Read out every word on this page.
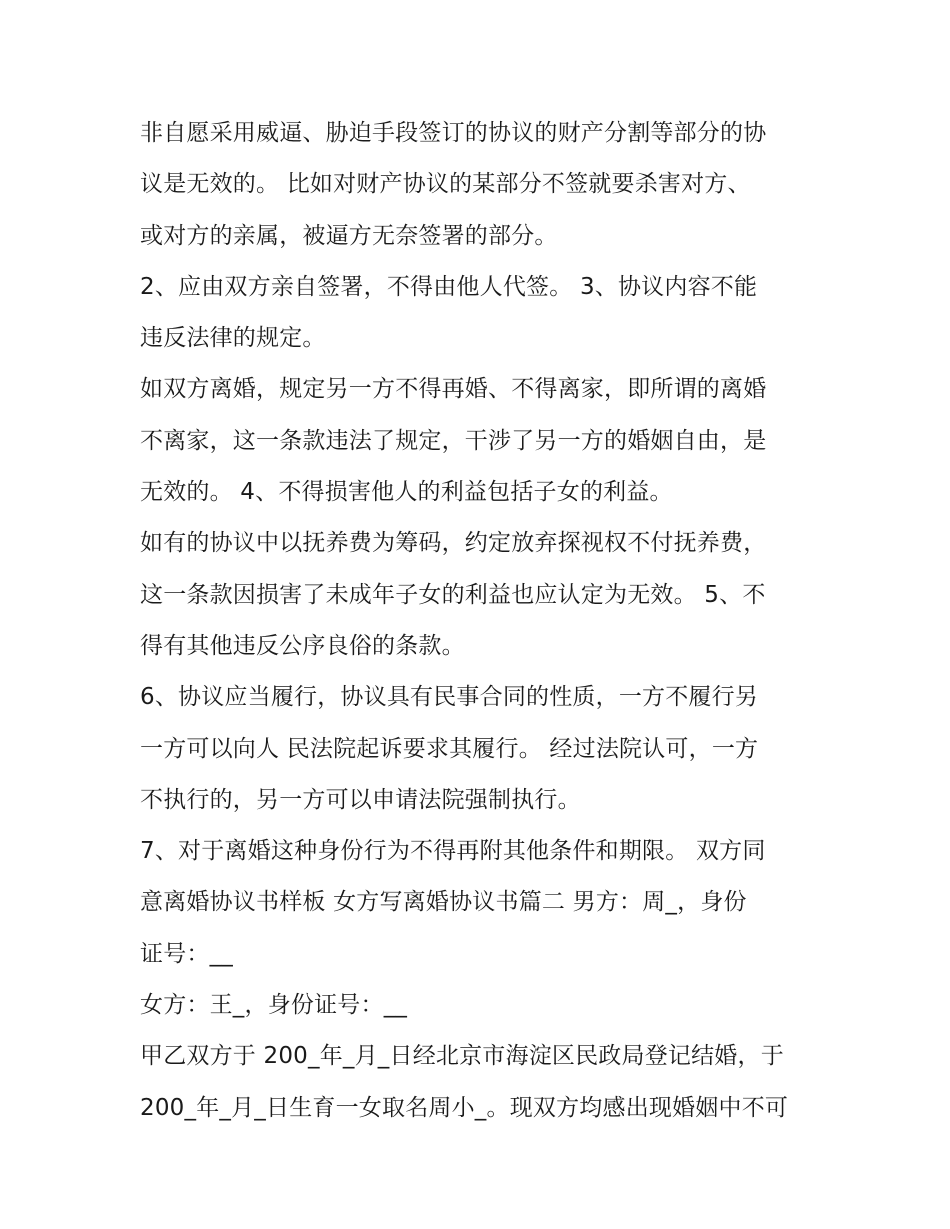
非自愿采用威逼、胁迫手段签订的协议的财产分割等部分的协
议是无效的。 比如对财产协议的某部分不签就要杀害对方、
或对方的亲属，被逼方无奈签署的部分。
2、应由双方亲自签署，不得由他人代签。 3、协议内容不能
违反法律的规定。
如双方离婚，规定另一方不得再婚、不得离家，即所谓的离婚
不离家，这一条款违法了规定，干涉了另一方的婚姻自由，是
无效的。 4、不得损害他人的利益包括子女的利益。
如有的协议中以抚养费为筹码，约定放弃探视权不付抚养费，
这一条款因损害了未成年子女的利益也应认定为无效。 5、不
得有其他违反公序良俗的条款。
6、协议应当履行，协议具有民事合同的性质，一方不履行另
一方可以向人 民法院起诉要求其履行。 经过法院认可，一方
不执行的，另一方可以申请法院强制执行。
7、对于离婚这种身份行为不得再附其他条件和期限。 双方同
意离婚协议书样板 女方写离婚协议书篇二 男方：周_，身份
证号：__
女方：王_，身份证号：__
甲乙双方于 200_年_月_日经北京市海淀区民政局登记结婚，于
200_年_月_日生育一女取名周小_。现双方均感出现婚姻中不可
